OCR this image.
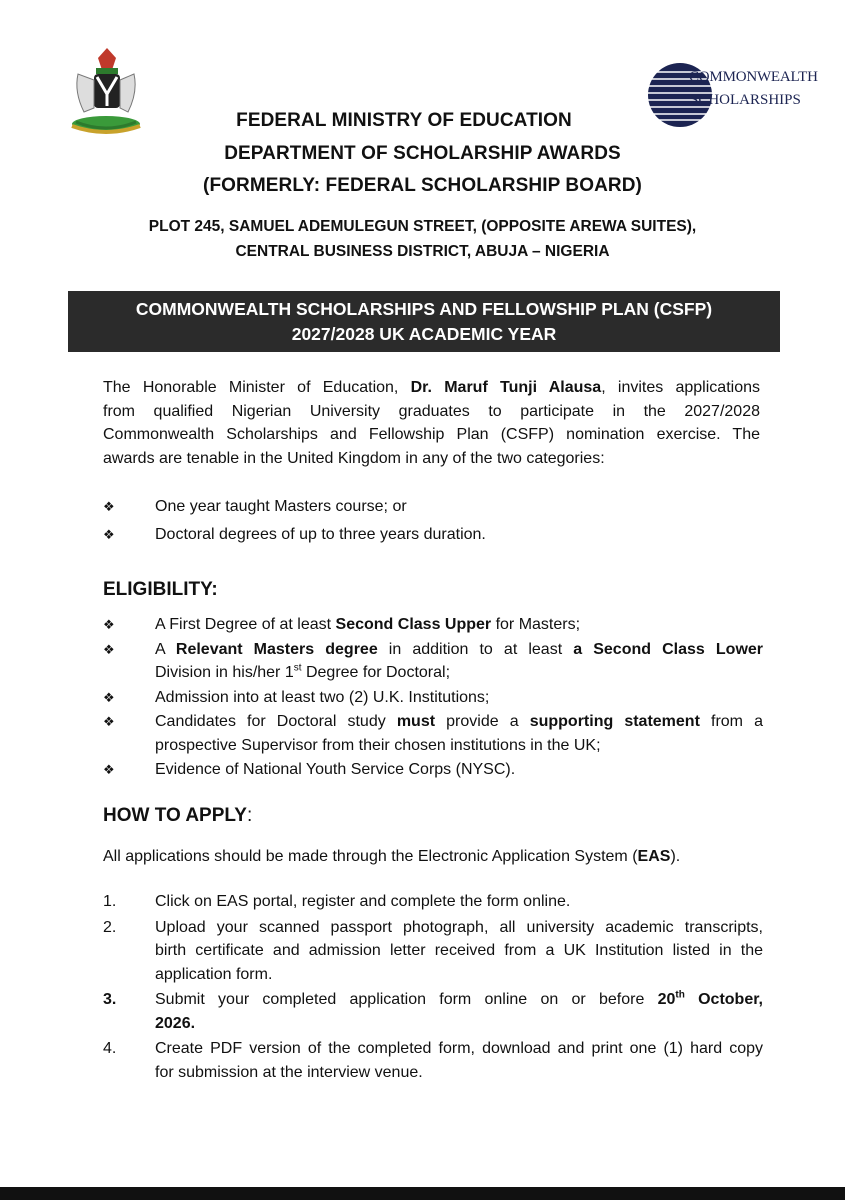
COMMONWEALTH
SCHOLARSHIPS
FEDERAL MINISTRY OF EDUCATION
DEPARTMENT OF SCHOLARSHIP AWARDS
(FORMERLY: FEDERAL SCHOLARSHIP BOARD)
PLOT 245, SAMUEL ADEMULEGUN STREET, (OPPOSITE AREWA SUITES),
CENTRAL BUSINESS DISTRICT, ABUJA – NIGERIA
COMMONWEALTH SCHOLARSHIPS AND FELLOWSHIP PLAN (CSFP)
2027/2028 UK ACADEMIC YEAR
The Honorable Minister of Education, Dr. Maruf Tunji Alausa, invites applications
from qualified Nigerian University graduates to participate in the 2027/2028
Commonwealth Scholarships and Fellowship Plan (CSFP) nomination exercise. The
awards are tenable in the United Kingdom in any of the two categories:
❖	One year taught Masters course; or
❖	Doctoral degrees of up to three years duration.
ELIGIBILITY:
❖	A First Degree of at least Second Class Upper for Masters;
❖	A Relevant Masters degree in addition to at least a Second Class Lower
Division in his/her 1st Degree for Doctoral;
❖	Admission into at least two (2) U.K. Institutions;
❖	Candidates for Doctoral study must provide a supporting statement from a
prospective Supervisor from their chosen institutions in the UK;
❖	Evidence of National Youth Service Corps (NYSC).
HOW TO APPLY:
All applications should be made through the Electronic Application System (EAS).
1. Click on EAS portal, register and complete the form online.
2. Upload your scanned passport photograph, all university academic transcripts,
birth certificate and admission letter received from a UK Institution listed in the
application form.
3. Submit your completed application form online on or before 20th October,
2026.
4. Create PDF version of the completed form, download and print one (1) hard copy
for submission at the interview venue.
